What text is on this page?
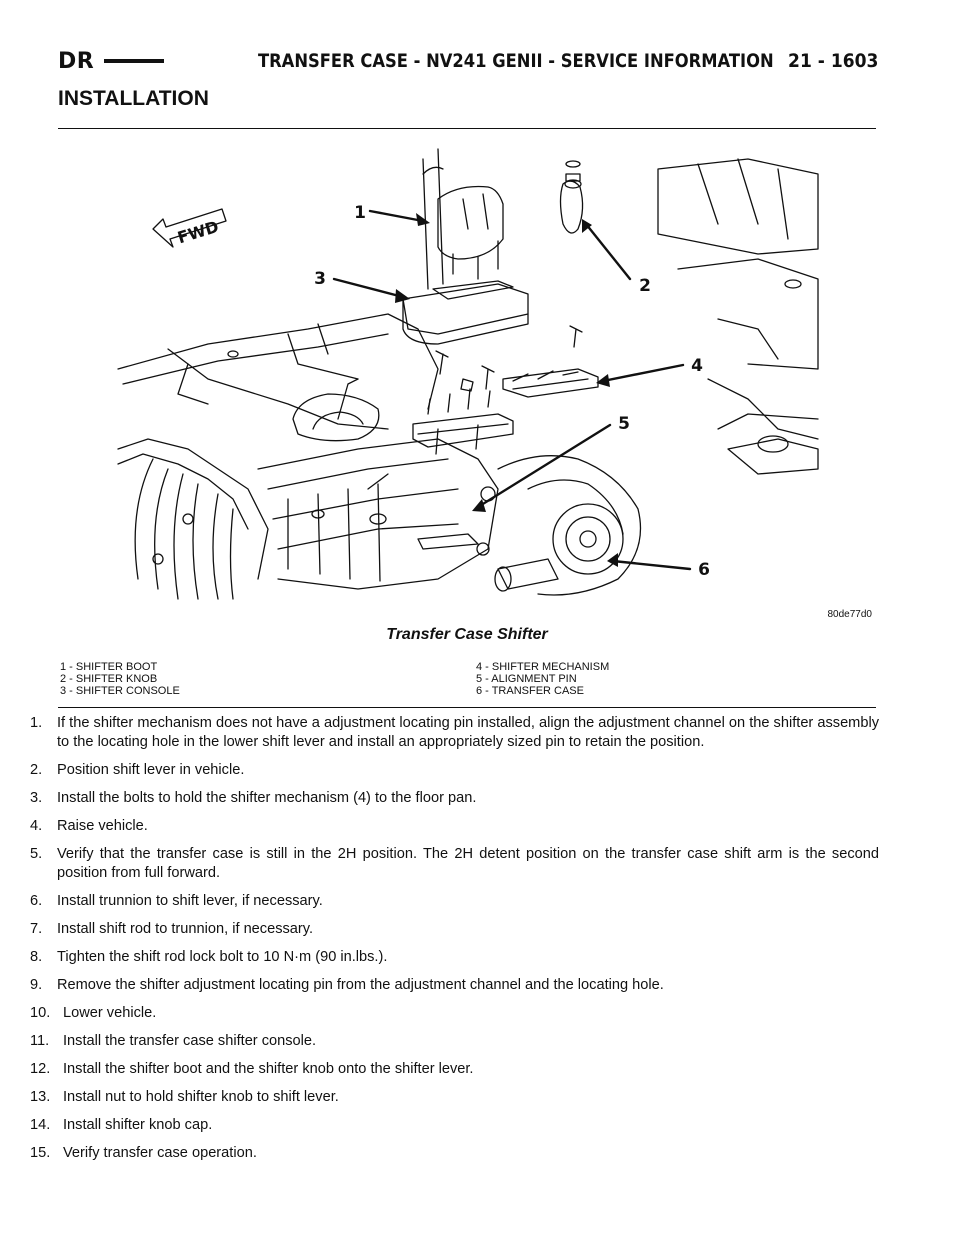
DR	TRANSFER CASE - NV241 GENII - SERVICE INFORMATION 21 - 1603
INSTALLATION
FWD
1
2
3
4
5
6
80de77d0
Transfer Case Shifter
1 - SHIFTER BOOT
2 - SHIFTER KNOB
3 - SHIFTER CONSOLE
4 - SHIFTER MECHANISM
5 - ALIGNMENT PIN
6 - TRANSFER CASE
1.	If the shifter mechanism does not have a adjustment locating pin installed, align the adjustment channel on the shifter assembly to the locating hole in the lower shift lever and install an appropriately sized pin to retain the position.
2.	Position shift lever in vehicle.
3.	Install the bolts to hold the shifter mechanism (4) to the floor pan.
4.	Raise vehicle.
5.	Verify that the transfer case is still in the 2H position. The 2H detent position on the transfer case shift arm is the second position from full forward.
6.	Install trunnion to shift lever, if necessary.
7.	Install shift rod to trunnion, if necessary.
8.	Tighten the shift rod lock bolt to 10 N·m (90 in.lbs.).
9.	Remove the shifter adjustment locating pin from the adjustment channel and the locating hole.
10. Lower vehicle.
11. Install the transfer case shifter console.
12. Install the shifter boot and the shifter knob onto the shifter lever.
13. Install nut to hold shifter knob to shift lever.
14. Install shifter knob cap.
15. Verify transfer case operation.
